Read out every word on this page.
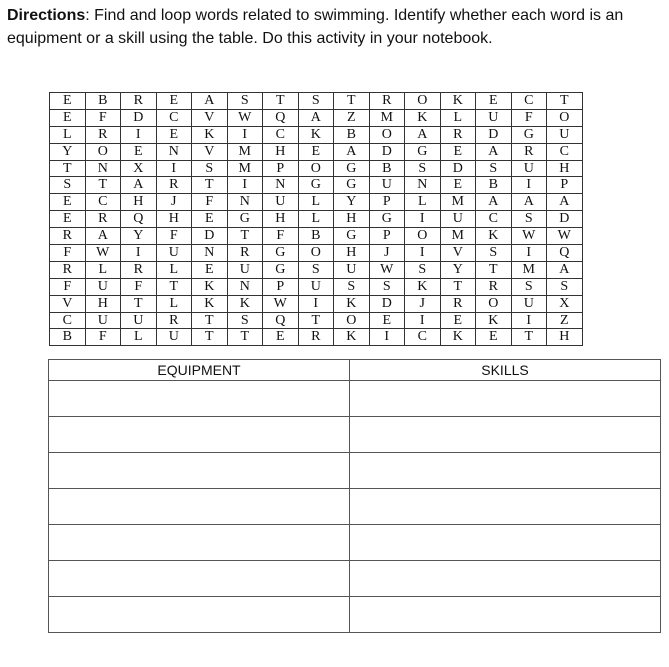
Directions: Find and loop words related to swimming. Identify whether each word is an equipment or a skill using the table. Do this activity in your notebook.
E	B	R	E	A	S	T	S	T	R	O	K	E	C	T
E	F	D	C	V	W	Q	A	Z	M	K	L	U	F	O
L	R	I	E	K	I	C	K	B	O	A	R	D	G	U
Y	O	E	N	V	M	H	E	A	D	G	E	A	R	C
T	N	X	I	S	M	P	O	G	B	S	D	S	U	H
S	T	A	R	T	I	N	G	G	U	N	E	B	I	P
E	C	H	J	F	N	U	L	Y	P	L	M	A	A	A
E	R	Q	H	E	G	H	L	H	G	I	U	C	S	D
R	A	Y	F	D	T	F	B	G	P	O	M	K	W	W
F	W	I	U	N	R	G	O	H	J	I	V	S	I	Q
R	L	R	L	E	U	G	S	U	W	S	Y	T	M	A
F	U	F	T	K	N	P	U	S	S	K	T	R	S	S
V	H	T	L	K	K	W	I	K	D	J	R	O	U	X
C	U	U	R	T	S	Q	T	O	E	I	E	K	I	Z
B	F	L	U	T	T	E	R	K	I	C	K	E	T	H
EQUIPMENT	SKILLS
